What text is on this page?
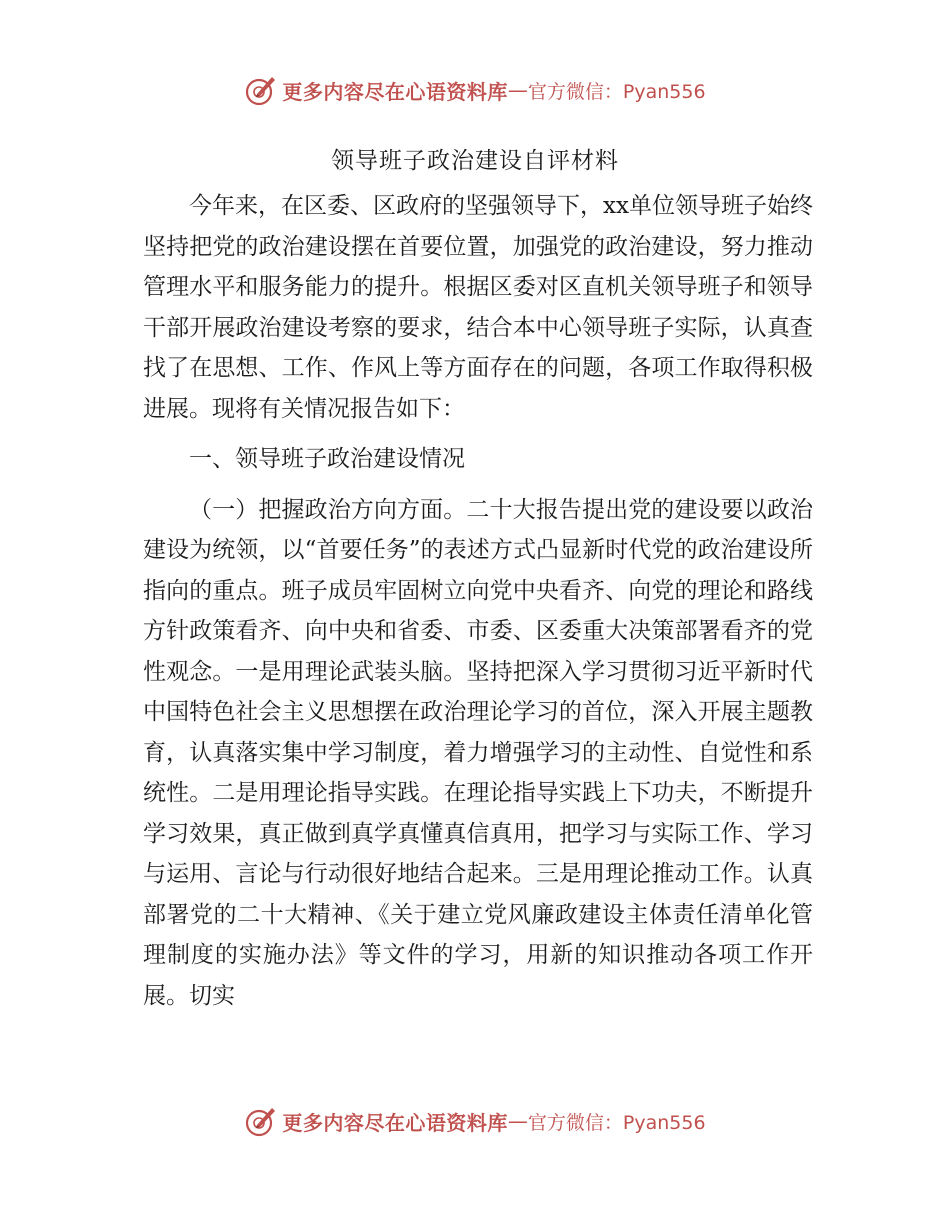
更多内容尽在心语资料库 — 官方微信：Pyan556
领导班子政治建设自评材料

今年来，在区委、区政府的坚强领导下，xx单位领导班子始终坚持把党的政治建设摆在首要位置，加强党的政治建设，努力推动管理水平和服务能力的提升。根据区委对区直机关领导班子和领导干部开展政治建设考察的要求，结合本中心领导班子实际，认真查找了在思想、工作、作风上等方面存在的问题，各项工作取得积极进展。现将有关情况报告如下：

一、领导班子政治建设情况

（一）把握政治方向方面。二十大报告提出党的建设要以政治建设为统领，以“首要任务”的表述方式凸显新时代党的政治建设所指向的重点。班子成员牢固树立向党中央看齐、向党的理论和路线方针政策看齐、向中央和省委、市委、区委重大决策部署看齐的党性观念。一是用理论武装头脑。坚持把深入学习贯彻习近平新时代中国特色社会主义思想摆在政治理论学习的首位，深入开展主题教育，认真落实集中学习制度，着力增强学习的主动性、自觉性和系统性。二是用理论指导实践。在理论指导实践上下功夫，不断提升学习效果，真正做到真学真懂真信真用，把学习与实际工作、学习与运用、言论与行动很好地结合起来。三是用理论推动工作。认真部署党的二十大精神、《关于建立党风廉政建设主体责任清单化管理制度的实施办法》等文件的学习，用新的知识推动各项工作开展。切实

更多内容尽在心语资料库 — 官方微信：Pyan556
